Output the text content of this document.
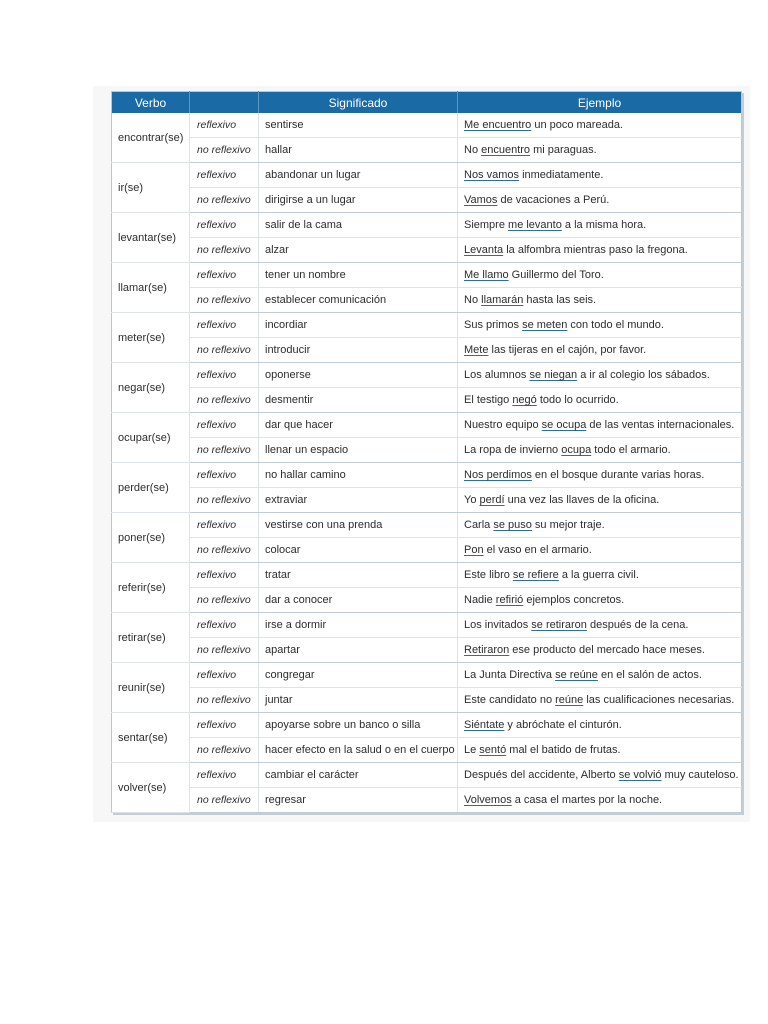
Verbo		Significado	Ejemplo
encontrar(se)	reflexivo	sentirse	Me encuentro un poco mareada.
	no reflexivo	hallar	No encuentro mi paraguas.
ir(se)	reflexivo	abandonar un lugar	Nos vamos inmediatamente.
	no reflexivo	dirigirse a un lugar	Vamos de vacaciones a Perú.
levantar(se)	reflexivo	salir de la cama	Siempre me levanto a la misma hora.
	no reflexivo	alzar	Levanta la alfombra mientras paso la fregona.
llamar(se)	reflexivo	tener un nombre	Me llamo Guillermo del Toro.
	no reflexivo	establecer comunicación	No llamarán hasta las seis.
meter(se)	reflexivo	incordiar	Sus primos se meten con todo el mundo.
	no reflexivo	introducir	Mete las tijeras en el cajón, por favor.
negar(se)	reflexivo	oponerse	Los alumnos se niegan a ir al colegio los sábados.
	no reflexivo	desmentir	El testigo negó todo lo ocurrido.
ocupar(se)	reflexivo	dar que hacer	Nuestro equipo se ocupa de las ventas internacionales.
	no reflexivo	llenar un espacio	La ropa de invierno ocupa todo el armario.
perder(se)	reflexivo	no hallar camino	Nos perdimos en el bosque durante varias horas.
	no reflexivo	extraviar	Yo perdí una vez las llaves de la oficina.
poner(se)	reflexivo	vestirse con una prenda	Carla se puso su mejor traje.
	no reflexivo	colocar	Pon el vaso en el armario.
referir(se)	reflexivo	tratar	Este libro se refiere a la guerra civil.
	no reflexivo	dar a conocer	Nadie refirió ejemplos concretos.
retirar(se)	reflexivo	irse a dormir	Los invitados se retiraron después de la cena.
	no reflexivo	apartar	Retiraron ese producto del mercado hace meses.
reunir(se)	reflexivo	congregar	La Junta Directiva se reúne en el salón de actos.
	no reflexivo	juntar	Este candidato no reúne las cualificaciones necesarias.
sentar(se)	reflexivo	apoyarse sobre un banco o silla	Siéntate y abróchate el cinturón.
	no reflexivo	hacer efecto en la salud o en el cuerpo	Le sentó mal el batido de frutas.
volver(se)	reflexivo	cambiar el carácter	Después del accidente, Alberto se volvió muy cauteloso.
	no reflexivo	regresar	Volvemos a casa el martes por la noche.
